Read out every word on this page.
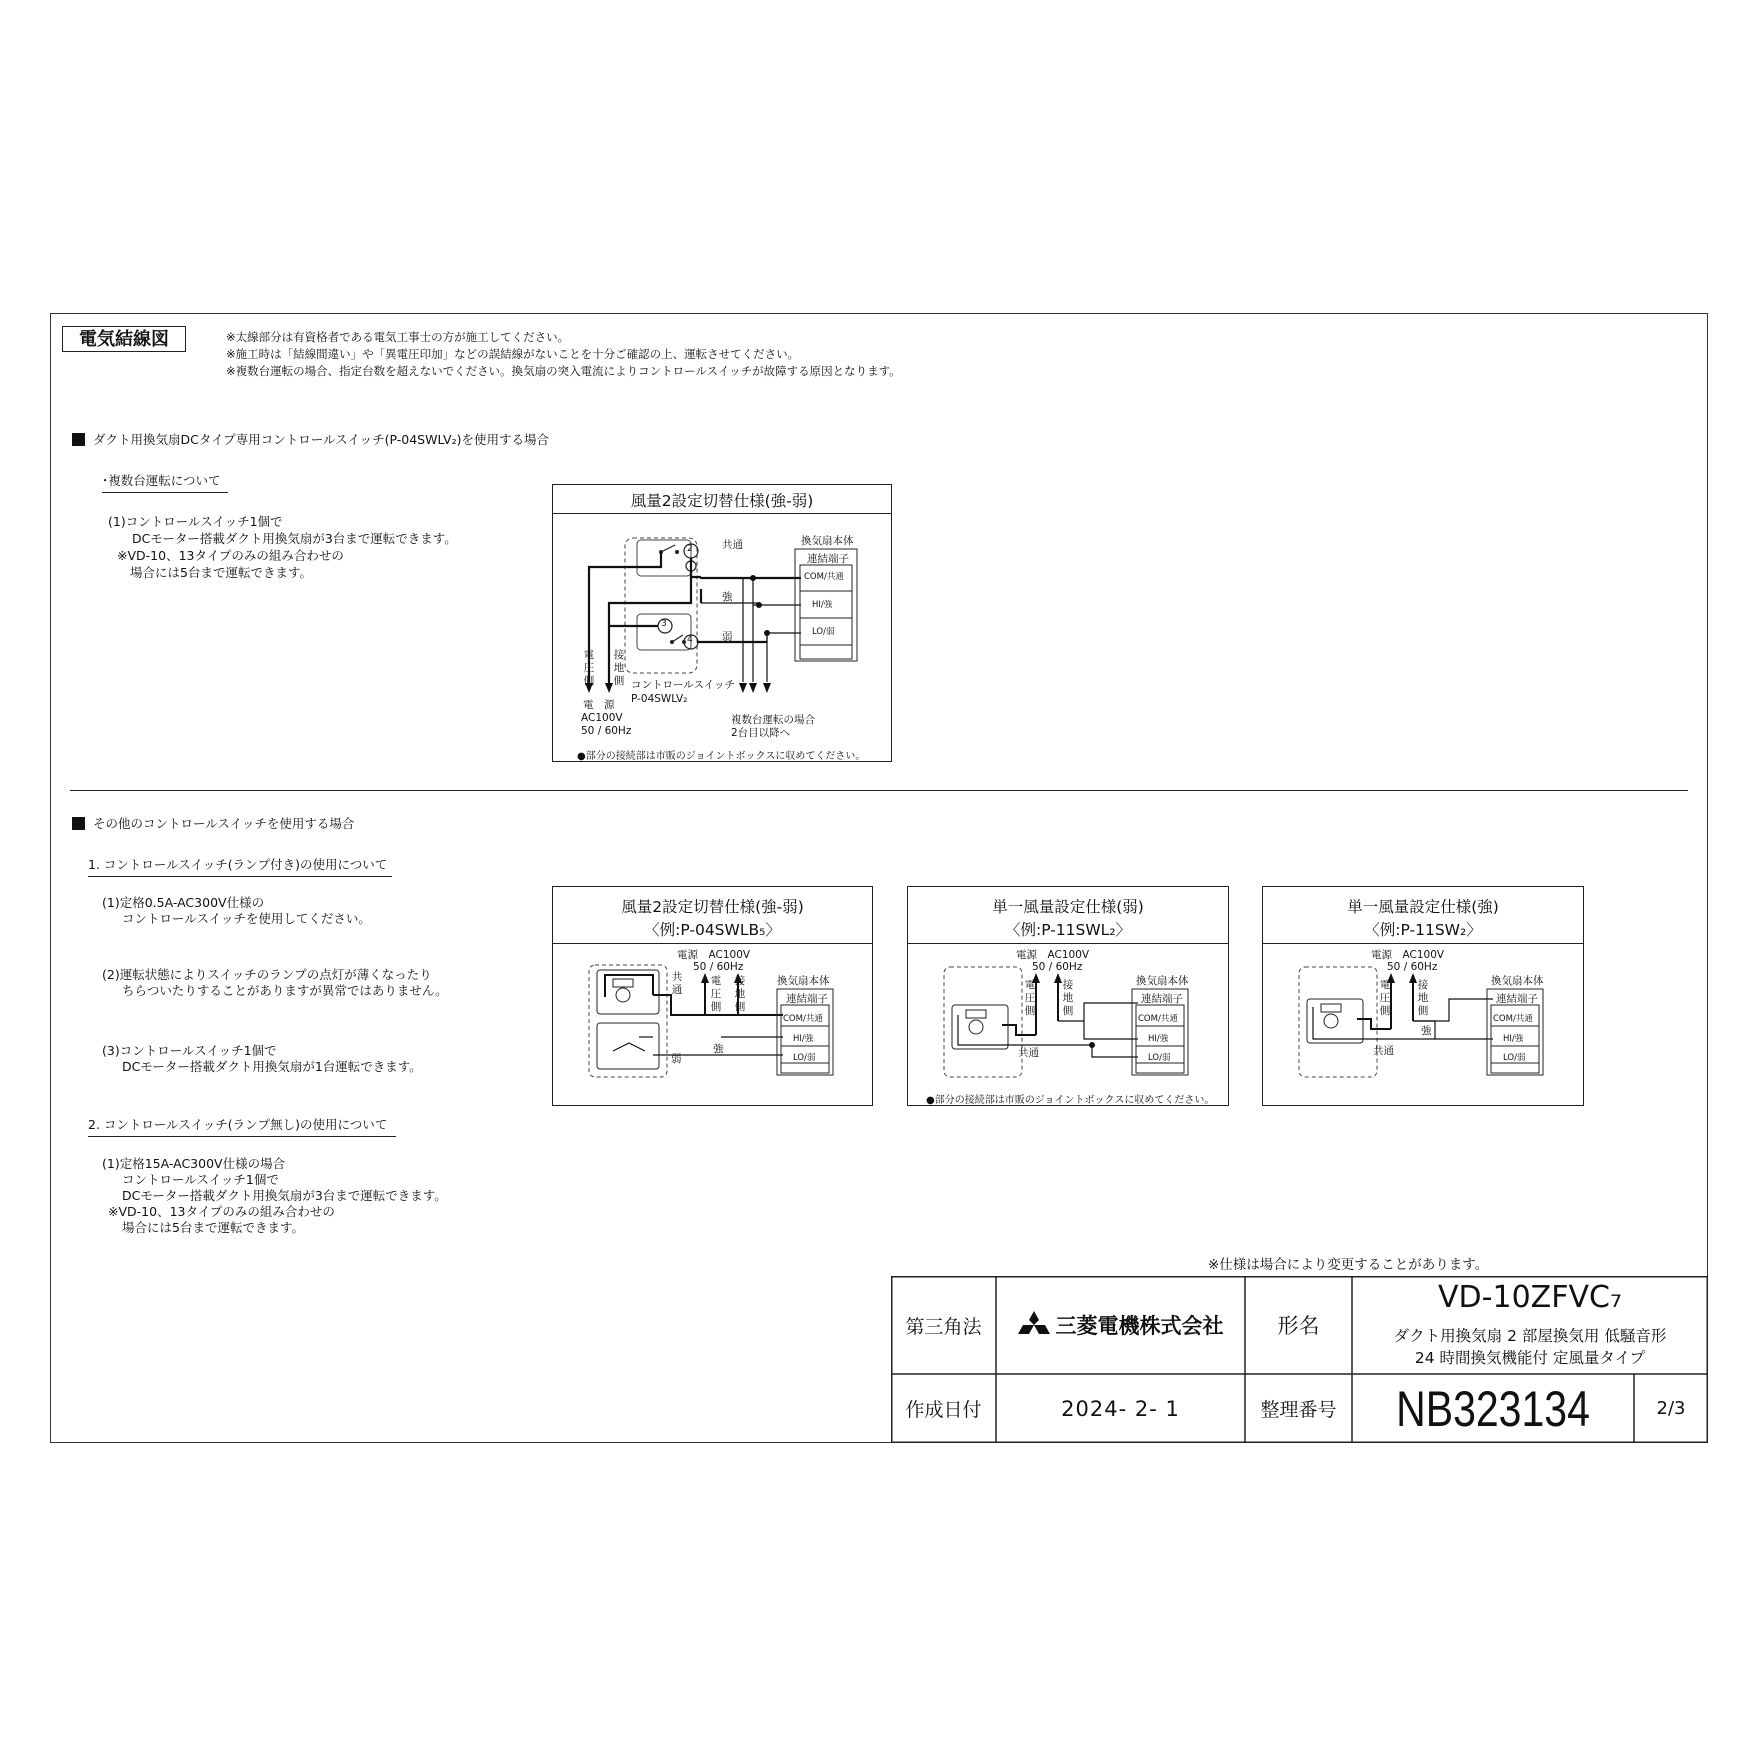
電気結線図	※太線部分は有資格者である電気工事士の方が施工してください。
※施工時は「結線間違い」や「異電圧印加」などの誤結線がないことを十分ご確認の上、運転させてください。
※複数台運転の場合、指定台数を超えないでください。換気扇の突入電流によりコントロールスイッチが故障する原因となります。
ダクト用換気扇DCタイプ専用コントロールスイッチ(P-04SWLV₂)を使用する場合
･複数台運転について
(1)コントロールスイッチ1個で
DCモーター搭載ダクト用換気扇が3台まで運転できます。
※VD-10、13タイプのみの組み合わせの
場合には5台まで運転できます。
風量2設定切替仕様(強-弱)
換気扇本体
連結端子
COM/共通
HI/強
LO/弱
共通
強
弱
2
3
4
電圧側
接地側 コントロールスイッチ
P-04SWLV₂
電　源
AC100V
50 / 60Hz
複数台運転の場合
2台目以降へ
●部分の接続部は市販のジョイントボックスに収めてください。
その他のコントロールスイッチを使用する場合
1. コントロールスイッチ(ランプ付き)の使用について
(1)定格0.5A-AC300V仕様の
コントロールスイッチを使用してください。
(2)運転状態によりスイッチのランプの点灯が薄くなったり
ちらついたりすることがありますが異常ではありません。
(3)コントロールスイッチ1個で
DCモーター搭載ダクト用換気扇が1台運転できます。
2. コントロールスイッチ(ランプ無し)の使用について
(1)定格15A-AC300V仕様の場合
コントロールスイッチ1個で
DCモーター搭載ダクト用換気扇が3台まで運転できます。
※VD-10、13タイプのみの組み合わせの
場合には5台まで運転できます。
風量2設定切替仕様(強-弱)
〈例:P-04SWLB₅〉
電源　AC100V
50 / 60Hz
換気扇本体
連結端子
COM/共通
HI/強
LO/弱
共通
電圧側
接地側
強
弱
単一風量設定仕様(弱)
〈例:P-11SWL₂〉
電源　AC100V
50 / 60Hz
換気扇本体
連結端子
COM/共通
HI/強
LO/弱
電圧側
接地側
共通
●部分の接続部は市販のジョイントボックスに収めてください。
単一風量設定仕様(強)
〈例:P-11SW₂〉
電源　AC100V
50 / 60Hz
換気扇本体
連結端子
COM/共通
HI/強
LO/弱
電圧側
接地側
共通
強
※仕様は場合により変更することがあります。
第三角法	三菱電機株式会社	形名
VD-10ZFVC₇
ダクト用換気扇 2 部屋換気用 低騒音形
24 時間換気機能付 定風量タイプ
作成日付	2024- 2- 1	整理番号	NB323134	2/3
